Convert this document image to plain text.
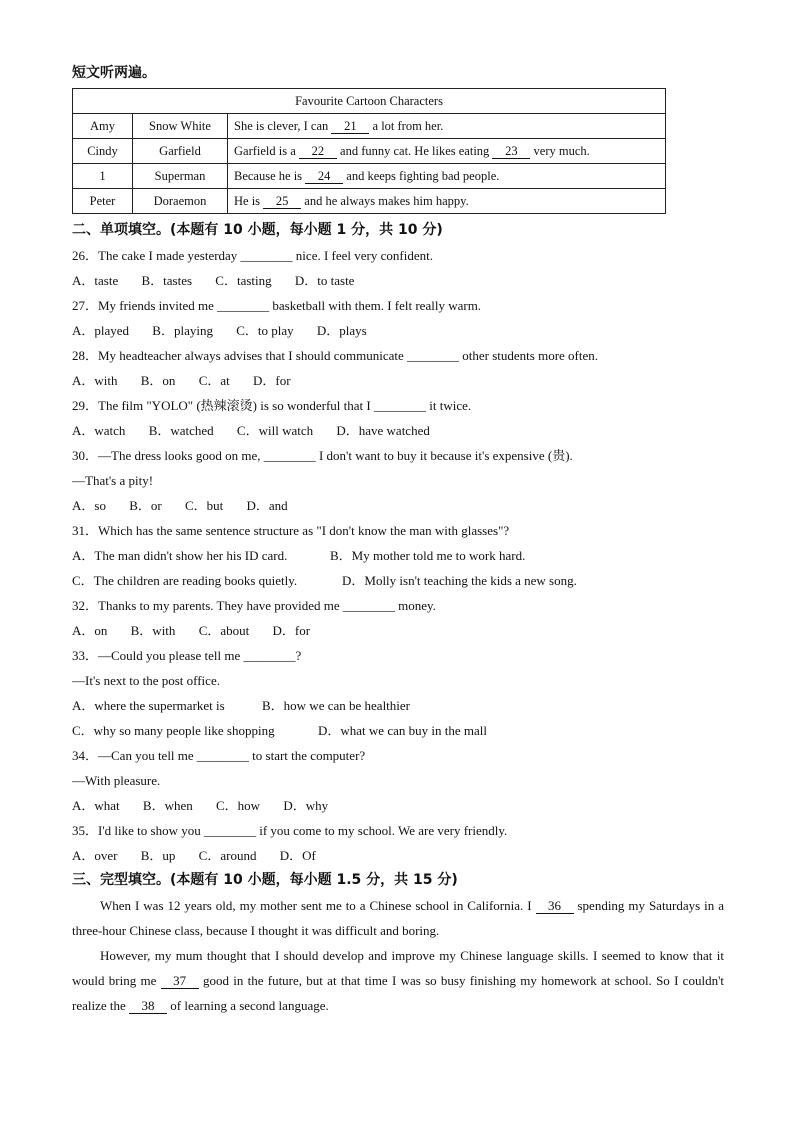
短文听两遍。
Favourite Cartoon Characters		
Amy	Snow White	She is clever, I can 21 a lot from her.
Cindy	Garfield	Garfield is a 22 and funny cat. He likes eating 23 very much.
1	Superman	Because he is 24 and keeps fighting bad people.
Peter	Doraemon	He is 25 and he always makes him happy.
二、单项填空。(本题有 10 小题，每小题 1 分，共 10 分)
26．The cake I made yesterday ________ nice. I feel very confident.
A．taste B．tastes C．tasting D．to taste
27．My friends invited me ________ basketball with them. I felt really warm.
A．played B．playing C．to play D．plays
28．My headteacher always advises that I should communicate ________ other students more often.
A．with B．on C．at D．for
29．The film "YOLO" (热辣滚烫) is so wonderful that I ________ it twice.
A．watch B．watched C．will watch D．have watched
30．—The dress looks good on me, ________ I don't want to buy it because it's expensive (贵).
—That's a pity!
A．so B．or C．but D．and
31．Which has the same sentence structure as "I don't know the man with glasses"?
A．The man didn't show her his ID card.	B．My mother told me to work hard.
C．The children are reading books quietly.	D．Molly isn't teaching the kids a new song.
32．Thanks to my parents. They have provided me ________ money.
A．on B．with C．about D．for
33．—Could you please tell me ________?
—It's next to the post office.
A．where the supermarket is	B．how we can be healthier
C．why so many people like shopping	D．what we can buy in the mall
34．—Can you tell me ________ to start the computer?
—With pleasure.
A．what B．when C．how D．why
35．I'd like to show you ________ if you come to my school. We are very friendly.
A．over B．up C．around D．Of
三、完型填空。(本题有 10 小题，每小题 1.5 分，共 15 分)
When I was 12 years old, my mother sent me to a Chinese school in California. I 36 spending my Saturdays in a three-hour Chinese class, because I thought it was difficult and boring.
However, my mum thought that I should develop and improve my Chinese language skills. I seemed to know that it would bring me 37 good in the future, but at that time I was so busy finishing my homework at school. So I couldn't realize the 38 of learning a second language.
